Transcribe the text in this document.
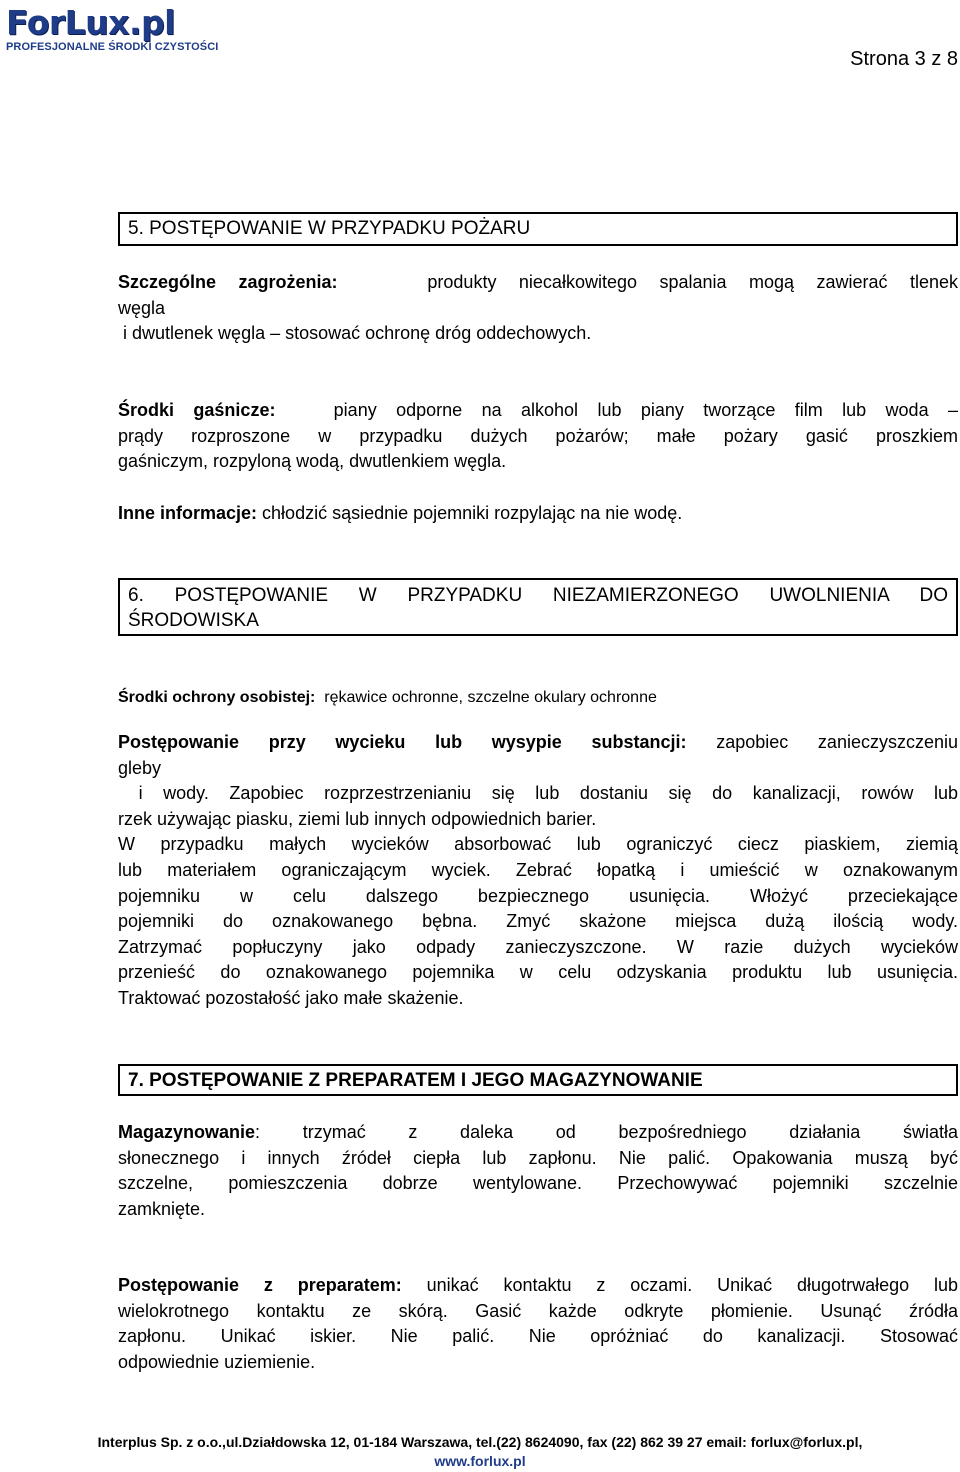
ForLux.pl
PROFESJONALNE ŚRODKI CZYSTOŚCI
Strona 3 z 8
5. POSTĘPOWANIE W PRZYPADKU POŻARU
Szczególne zagrożenia:	produkty niecałkowitego spalania mogą zawierać tlenek
węgla
i dwutlenek węgla – stosować ochronę dróg oddechowych.
Środki gaśnicze:	piany odporne na alkohol lub piany tworzące film lub woda –
prądy rozproszone w przypadku dużych pożarów; małe pożary gasić proszkiem
gaśniczym, rozpyloną wodą, dwutlenkiem węgla.
Inne informacje: chłodzić sąsiednie pojemniki rozpylając na nie wodę.
6. POSTĘPOWANIE W PRZYPADKU NIEZAMIERZONEGO UWOLNIENIA DO
ŚRODOWISKA
Środki ochrony osobistej: rękawice ochronne, szczelne okulary ochronne
Postępowanie przy wycieku lub wysypie substancji: zapobiec zanieczyszczeniu
gleby
i wody. Zapobiec rozprzestrzenianiu się lub dostaniu się do kanalizacji, rowów lub
rzek używając piasku, ziemi lub innych odpowiednich barier.
W przypadku małych wycieków absorbować lub ograniczyć ciecz piaskiem, ziemią
lub materiałem ograniczającym wyciek. Zebrać łopatką i umieścić w oznakowanym
pojemniku w celu dalszego bezpiecznego usunięcia. Włożyć przeciekające
pojemniki do oznakowanego bębna. Zmyć skażone miejsca dużą ilością wody.
Zatrzymać popłuczyny jako odpady zanieczyszczone. W razie dużych wycieków
przenieść do oznakowanego pojemnika w celu odzyskania produktu lub usunięcia.
Traktować pozostałość jako małe skażenie.
7. POSTĘPOWANIE Z PREPARATEM I JEGO MAGAZYNOWANIE
Magazynowanie: trzymać z daleka od bezpośredniego działania światła
słonecznego i innych źródeł ciepła lub zapłonu. Nie palić. Opakowania muszą być
szczelne, pomieszczenia dobrze wentylowane. Przechowywać pojemniki szczelnie
zamknięte.
Postępowanie z preparatem: unikać kontaktu z oczami. Unikać długotrwałego lub
wielokrotnego kontaktu ze skórą. Gasić każde odkryte płomienie. Usunąć źródła
zapłonu. Unikać iskier. Nie palić. Nie opróżniać do kanalizacji. Stosować
odpowiednie uziemienie.
Interplus Sp. z o.o.,ul.Działdowska 12, 01-184 Warszawa, tel.(22) 8624090, fax (22) 862 39 27 email: forlux@forlux.pl,
www.forlux.pl
